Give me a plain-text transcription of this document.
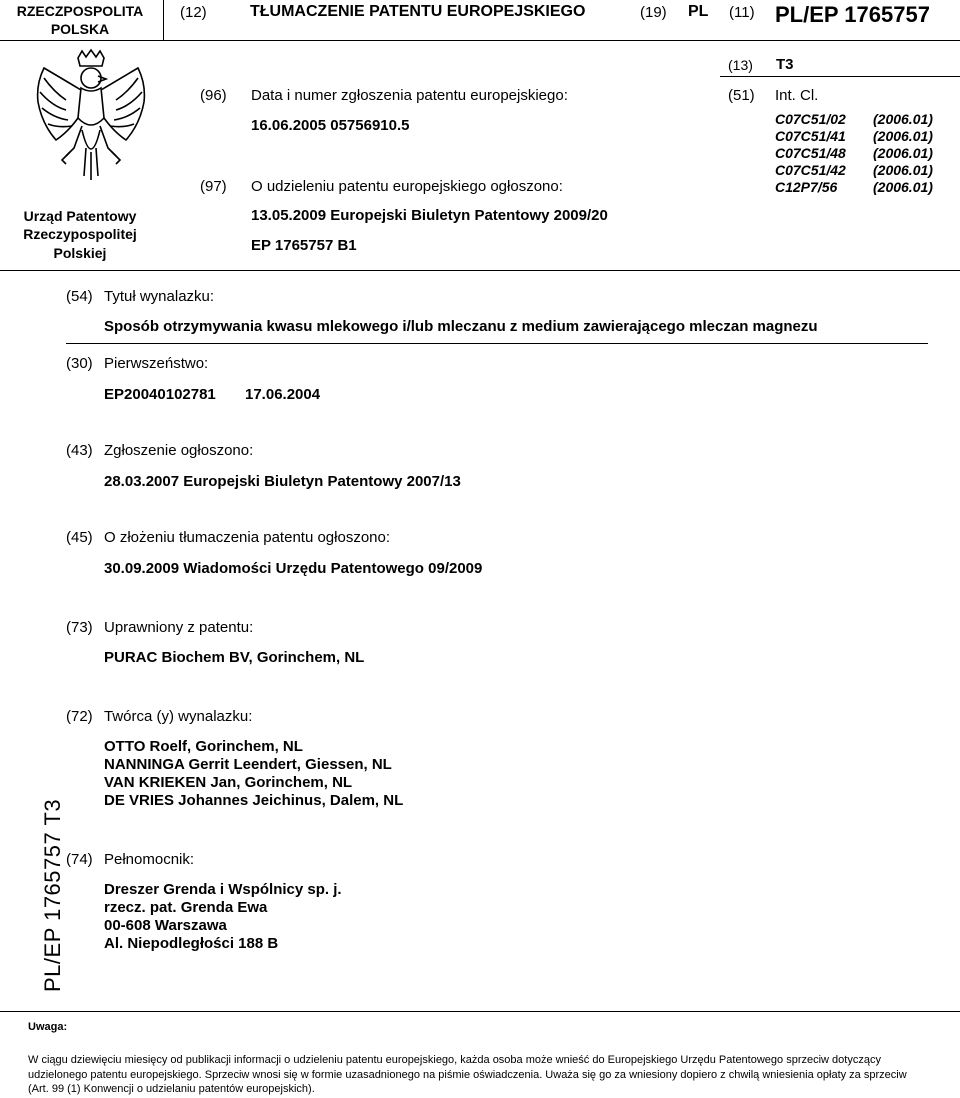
RZECZPOSPOLITA POLSKA
(12)	TŁUMACZENIE PATENTU EUROPEJSKIEGO	(19) PL (11) PL/EP 1765757
Urząd Patentowy
Rzeczypospolitej
Polskiej
(13) T3
(96) Data i numer zgłoszenia patentu europejskiego:
16.06.2005 05756910.5
(97) O udzieleniu patentu europejskiego ogłoszono:
13.05.2009 Europejski Biuletyn Patentowy 2009/20
EP 1765757 B1
(51) Int. Cl.
C07C51/02
C07C51/41
C07C51/48
C07C51/42
C12P7/56
(2006.01)
(2006.01)
(2006.01)
(2006.01)
(2006.01)
(54) Tytuł wynalazku:
Sposób otrzymywania kwasu mlekowego i/lub mleczanu z medium zawierającego mleczan magnezu
(30) Pierwszeństwo:
EP20040102781 17.06.2004
(43) Zgłoszenie ogłoszono:
28.03.2007 Europejski Biuletyn Patentowy 2007/13
(45) O złożeniu tłumaczenia patentu ogłoszono:
30.09.2009 Wiadomości Urzędu Patentowego 09/2009
(73) Uprawniony z patentu:
PURAC Biochem BV, Gorinchem, NL
(72) Twórca (y) wynalazku:
OTTO Roelf, Gorinchem, NL
NANNINGA Gerrit Leendert, Giessen, NL
VAN KRIEKEN Jan, Gorinchem, NL
DE VRIES Johannes Jeichinus, Dalem, NL
(74) Pełnomocnik:
Dreszer Grenda i Wspólnicy sp. j.
rzecz. pat. Grenda Ewa
00-608 Warszawa
Al. Niepodległości 188 B
PL/EP 1765757 T3
Uwaga:
W ciągu dziewięciu miesięcy od publikacji informacji o udzieleniu patentu europejskiego, każda osoba może wnieść do Europejskiego Urzędu Patentowego sprzeciw dotyczący udzielonego patentu europejskiego. Sprzeciw wnosi się w formie uzasadnionego na piśmie oświadczenia. Uważa się go za wniesiony dopiero z chwilą wniesienia opłaty za sprzeciw (Art. 99 (1) Konwencji o udzielaniu patentów europejskich).
